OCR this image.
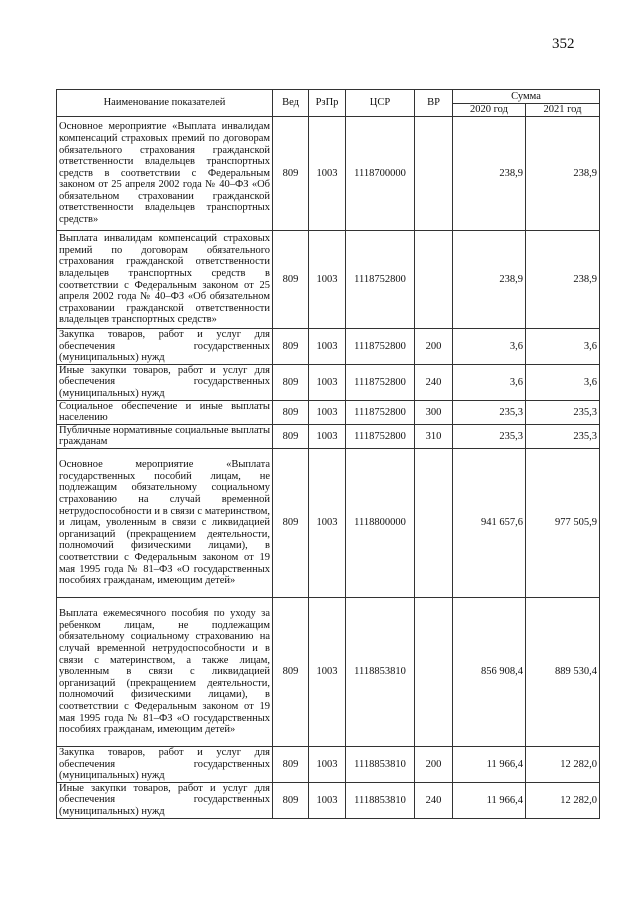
352
Наименование показателей	Вед	РзПр	ЦСР	ВР	Сумма	
					2020 год	2021 год
Основное мероприятие «Выплата инвалидам компенсаций страховых премий по договорам обязательного страхования гражданской ответственности владельцев транспортных средств в соответствии с Федеральным законом от 25 апреля 2002 года № 40–ФЗ «Об обязательном страховании гражданской ответственности владельцев транспортных средств»	809	1003	1118700000		238,9	238,9
Выплата инвалидам компенсаций страховых премий по договорам обязательного страхования гражданской ответственности владельцев транспортных средств в соответствии с Федеральным законом от 25 апреля 2002 года № 40–ФЗ «Об обязательном страховании гражданской ответственности владельцев транспортных средств»	809	1003	1118752800		238,9	238,9
Закупка товаров, работ и услуг для обеспечения государственных (муниципальных) нужд	809	1003	1118752800	200	3,6	3,6
Иные закупки товаров, работ и услуг для обеспечения государственных (муниципальных) нужд	809	1003	1118752800	240	3,6	3,6
Социальное обеспечение и иные выплаты населению	809	1003	1118752800	300	235,3	235,3
Публичные нормативные социальные выплаты гражданам	809	1003	1118752800	310	235,3	235,3
Основное мероприятие «Выплата государственных пособий лицам, не подлежащим обязательному социальному страхованию на случай временной нетрудоспособности и в связи с материнством, и лицам, уволенным в связи с ликвидацией организаций (прекращением деятельности, полномочий физическими лицами), в соответствии с Федеральным законом от 19 мая 1995 года № 81–ФЗ «О государственных пособиях гражданам, имеющим детей»	809	1003	1118800000		941 657,6	977 505,9
Выплата ежемесячного пособия по уходу за ребенком лицам, не подлежащим обязательному социальному страхованию на случай временной нетрудоспособности и в связи с материнством, а также лицам, уволенным в связи с ликвидацией организаций (прекращением деятельности, полномочий физическими лицами), в соответствии с Федеральным законом от 19 мая 1995 года № 81–ФЗ «О государственных пособиях гражданам, имеющим детей»	809	1003	1118853810		856 908,4	889 530,4
Закупка товаров, работ и услуг для обеспечения государственных (муниципальных) нужд	809	1003	1118853810	200	11 966,4	12 282,0
Иные закупки товаров, работ и услуг для обеспечения государственных (муниципальных) нужд	809	1003	1118853810	240	11 966,4	12 282,0
